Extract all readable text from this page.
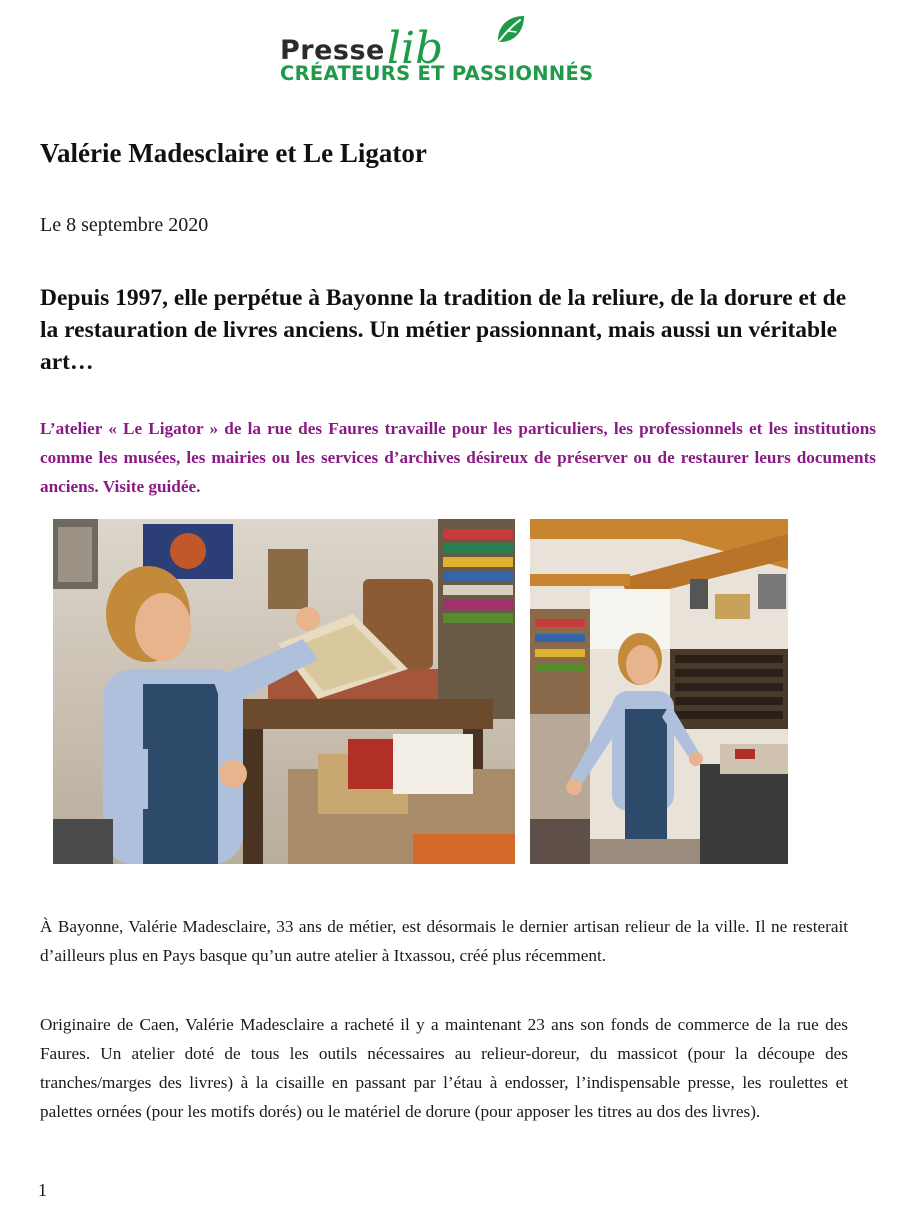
Presse lib
CRÉATEURS ET PASSIONNÉS
Valérie Madesclaire et Le Ligator

Le 8 septembre 2020

Depuis 1997, elle perpétue à Bayonne la tradition de la reliure, de la dorure et de la restauration de livres anciens. Un métier passionnant, mais aussi un véritable art…

L’atelier « Le Ligator » de la rue des Faures travaille pour les particuliers, les professionnels et les institutions comme les musées, les mairies ou les services d’archives désireux de préserver ou de restaurer leurs documents anciens. Visite guidée.

À Bayonne, Valérie Madesclaire, 33 ans de métier, est désormais le dernier artisan relieur de la ville. Il ne resterait d’ailleurs plus en Pays basque qu’un autre atelier à Itxassou, créé plus récemment.

Originaire de Caen, Valérie Madesclaire a racheté il y a maintenant 23 ans son fonds de commerce de la rue des Faures. Un atelier doté de tous les outils nécessaires au relieur-doreur, du massicot (pour la découpe des tranches/marges des livres) à la cisaille en passant par l’étau à endosser, l’indispensable presse, les roulettes et palettes ornées (pour les motifs dorés) ou le matériel de dorure (pour apposer les titres au dos des livres).

1
